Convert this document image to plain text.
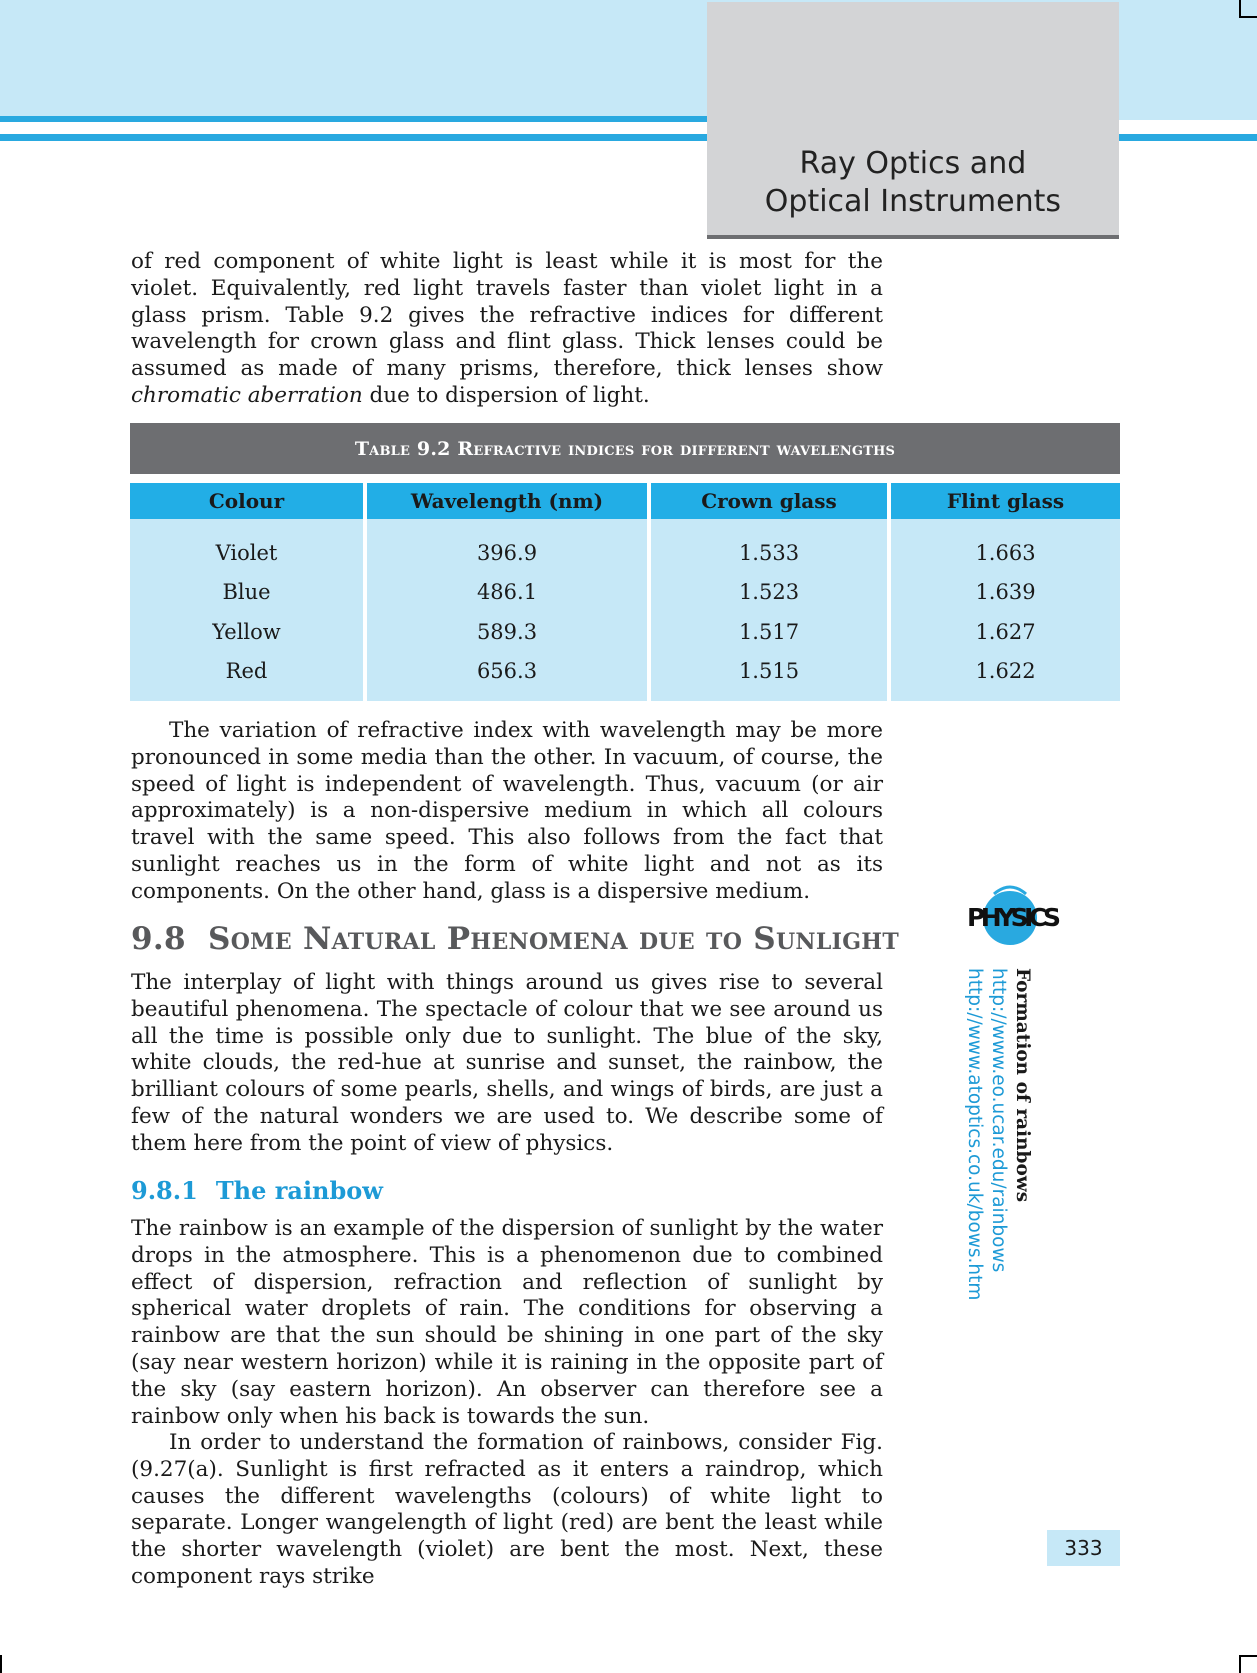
Ray Optics and
Optical Instruments

of red component of white light is least while it is most for the violet. Equivalently, red light travels faster than violet light in a glass prism. Table 9.2 gives the refractive indices for different wavelength for crown glass and flint glass. Thick lenses could be assumed as made of many prisms, therefore, thick lenses show chromatic aberration due to dispersion of light.

Table 9.2 Refractive indices for different wavelengths
Colour	Wavelength (nm)	Crown glass	Flint glass
Violet	396.9	1.533	1.663
Blue	486.1	1.523	1.639
Yellow	589.3	1.517	1.627
Red	656.3	1.515	1.622

The variation of refractive index with wavelength may be more pronounced in some media than the other. In vacuum, of course, the speed of light is independent of wavelength. Thus, vacuum (or air approximately) is a non-dispersive medium in which all colours travel with the same speed. This also follows from the fact that sunlight reaches us in the form of white light and not as its components. On the other hand, glass is a dispersive medium.

9.8 Some Natural Phenomena due to Sunlight

The interplay of light with things around us gives rise to several beautiful phenomena. The spectacle of colour that we see around us all the time is possible only due to sunlight. The blue of the sky, white clouds, the red-hue at sunrise and sunset, the rainbow, the brilliant colours of some pearls, shells, and wings of birds, are just a few of the natural wonders we are used to. We describe some of them here from the point of view of physics.

9.8.1 The rainbow

The rainbow is an example of the dispersion of sunlight by the water drops in the atmosphere. This is a phenomenon due to combined effect of dispersion, refraction and reflection of sunlight by spherical water droplets of rain. The conditions for observing a rainbow are that the sun should be shining in one part of the sky (say near western horizon) while it is raining in the opposite part of the sky (say eastern horizon). An observer can therefore see a rainbow only when his back is towards the sun.

In order to understand the formation of rainbows, consider Fig. (9.27(a). Sunlight is first refracted as it enters a raindrop, which causes the different wavelengths (colours) of white light to separate. Longer wangelength of light (red) are bent the least while the shorter wavelength (violet) are bent the most. Next, these component rays strike

PHYSICS
Formation of rainbows
http://www.eo.ucar.edu/rainbows
http://www.atoptics.co.uk/bows.htm
333
